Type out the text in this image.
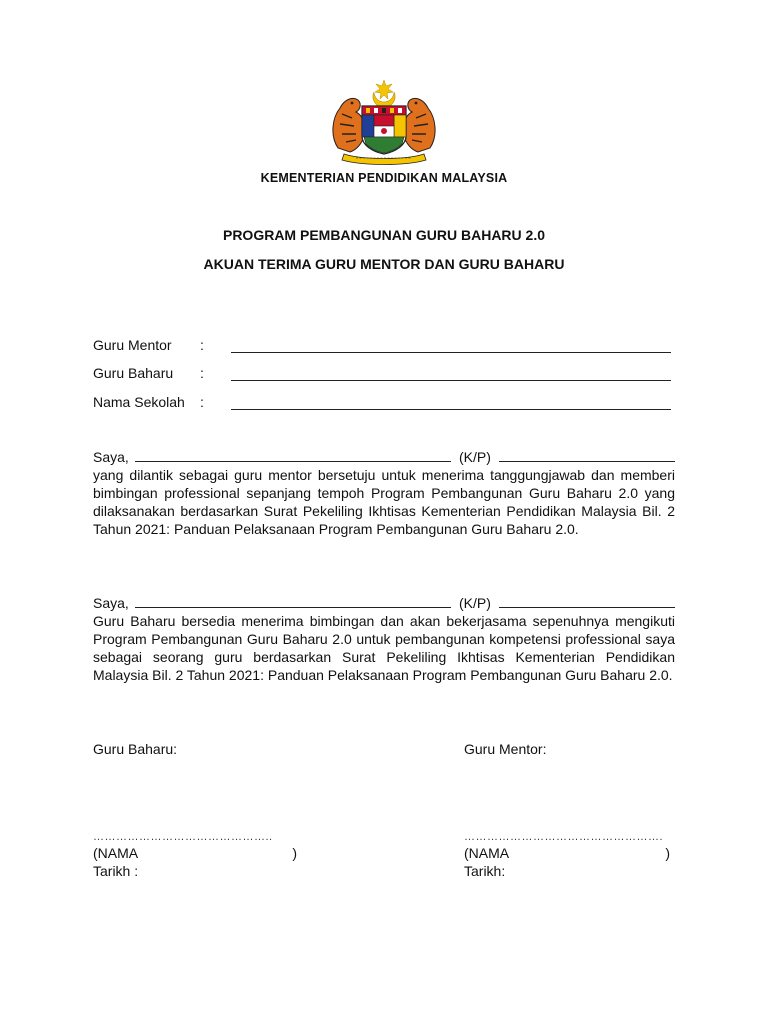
KEMENTERIAN PENDIDIKAN MALAYSIA
PROGRAM PEMBANGUNAN GURU BAHARU 2.0
AKUAN TERIMA GURU MENTOR DAN GURU BAHARU
Guru Mentor :
Guru Baharu :
Nama Sekolah :
Saya,	(K/P)

yang dilantik sebagai guru mentor bersetuju untuk menerima tanggungjawab dan memberi bimbingan professional sepanjang tempoh Program Pembangunan Guru Baharu 2.0 yang dilaksanakan berdasarkan Surat Pekeliling Ikhtisas Kementerian Pendidikan Malaysia Bil. 2 Tahun 2021: Panduan Pelaksanaan Program Pembangunan Guru Baharu 2.0.

Saya,	(K/P)

Guru Baharu bersedia menerima bimbingan dan akan bekerjasama sepenuhnya mengikuti Program Pembangunan Guru Baharu 2.0 untuk pembangunan kompetensi professional saya sebagai seorang guru berdasarkan Surat Pekeliling Ikhtisas Kementerian Pendidikan Malaysia Bil. 2 Tahun 2021: Panduan Pelaksanaan Program Pembangunan Guru Baharu 2.0.

Guru Baharu:
………………………………………..
(NAMA	)
Tarikh :
Guru Mentor:
…………………………………………….
(NAMA	)
Tarikh:
